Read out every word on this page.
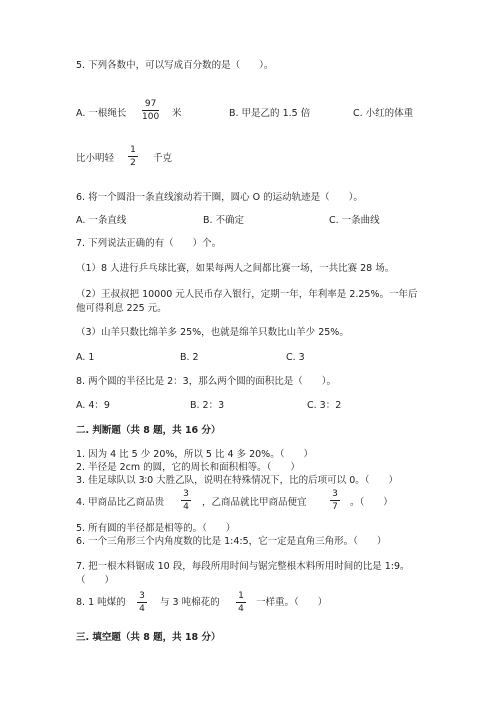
5. 下列各数中，可以写成百分数的是（　　）。
A. 一根绳长
97
100 米	B. 甲是乙的 1.5 倍	C. 小红的体重
比小明轻
1
2 千克
6. 将一个圆沿一条直线滚动若干圈，圆心 O 的运动轨迹是（　　）。
A. 一条直线	B. 不确定	C. 一条曲线
7. 下列说法正确的有（　　）个。
（1）8 人进行乒乓球比赛，如果每两人之间都比赛一场，一共比赛 28 场。
（2）王叔叔把 10000 元人民币存入银行，定期一年，年利率是 2.25%。一年后
他可得利息 225 元。
（3）山羊只数比绵羊多 25%，也就是绵羊只数比山羊少 25%。
A. 1	B. 2	C. 3
8. 两个圆的半径比是 2：3，那么两个圆的面积比是（　　）。
A. 4：9	B. 2：3	C. 3：2
二. 判断题（共 8 题，共 16 分）
1. 因为 4 比 5 少 20%，所以 5 比 4 多 20%。（　　）
2. 半径是 2cm 的圆，它的周长和面积相等。（　　）
3. 佳足球队以 3∶0 大胜乙队，说明在特殊情况下，比的后项可以 0。（　　）
4. 甲商品比乙商品贵
3
4 ，乙商品就比甲商品便宜
3
7 。（　　）
5. 所有圆的半径都是相等的。（　　）
6. 一个三角形三个内角度数的比是 1:4:5，它一定是直角三角形。（　　）
7. 把一根木料锯成 10 段，每段所用时间与锯完整根木料所用时间的比是 1:9。
（　　）
8. 1 吨煤的
3
4
与 3 吨棉花的
1
4
一样重。（　　）
三. 填空题（共 8 题，共 18 分）
